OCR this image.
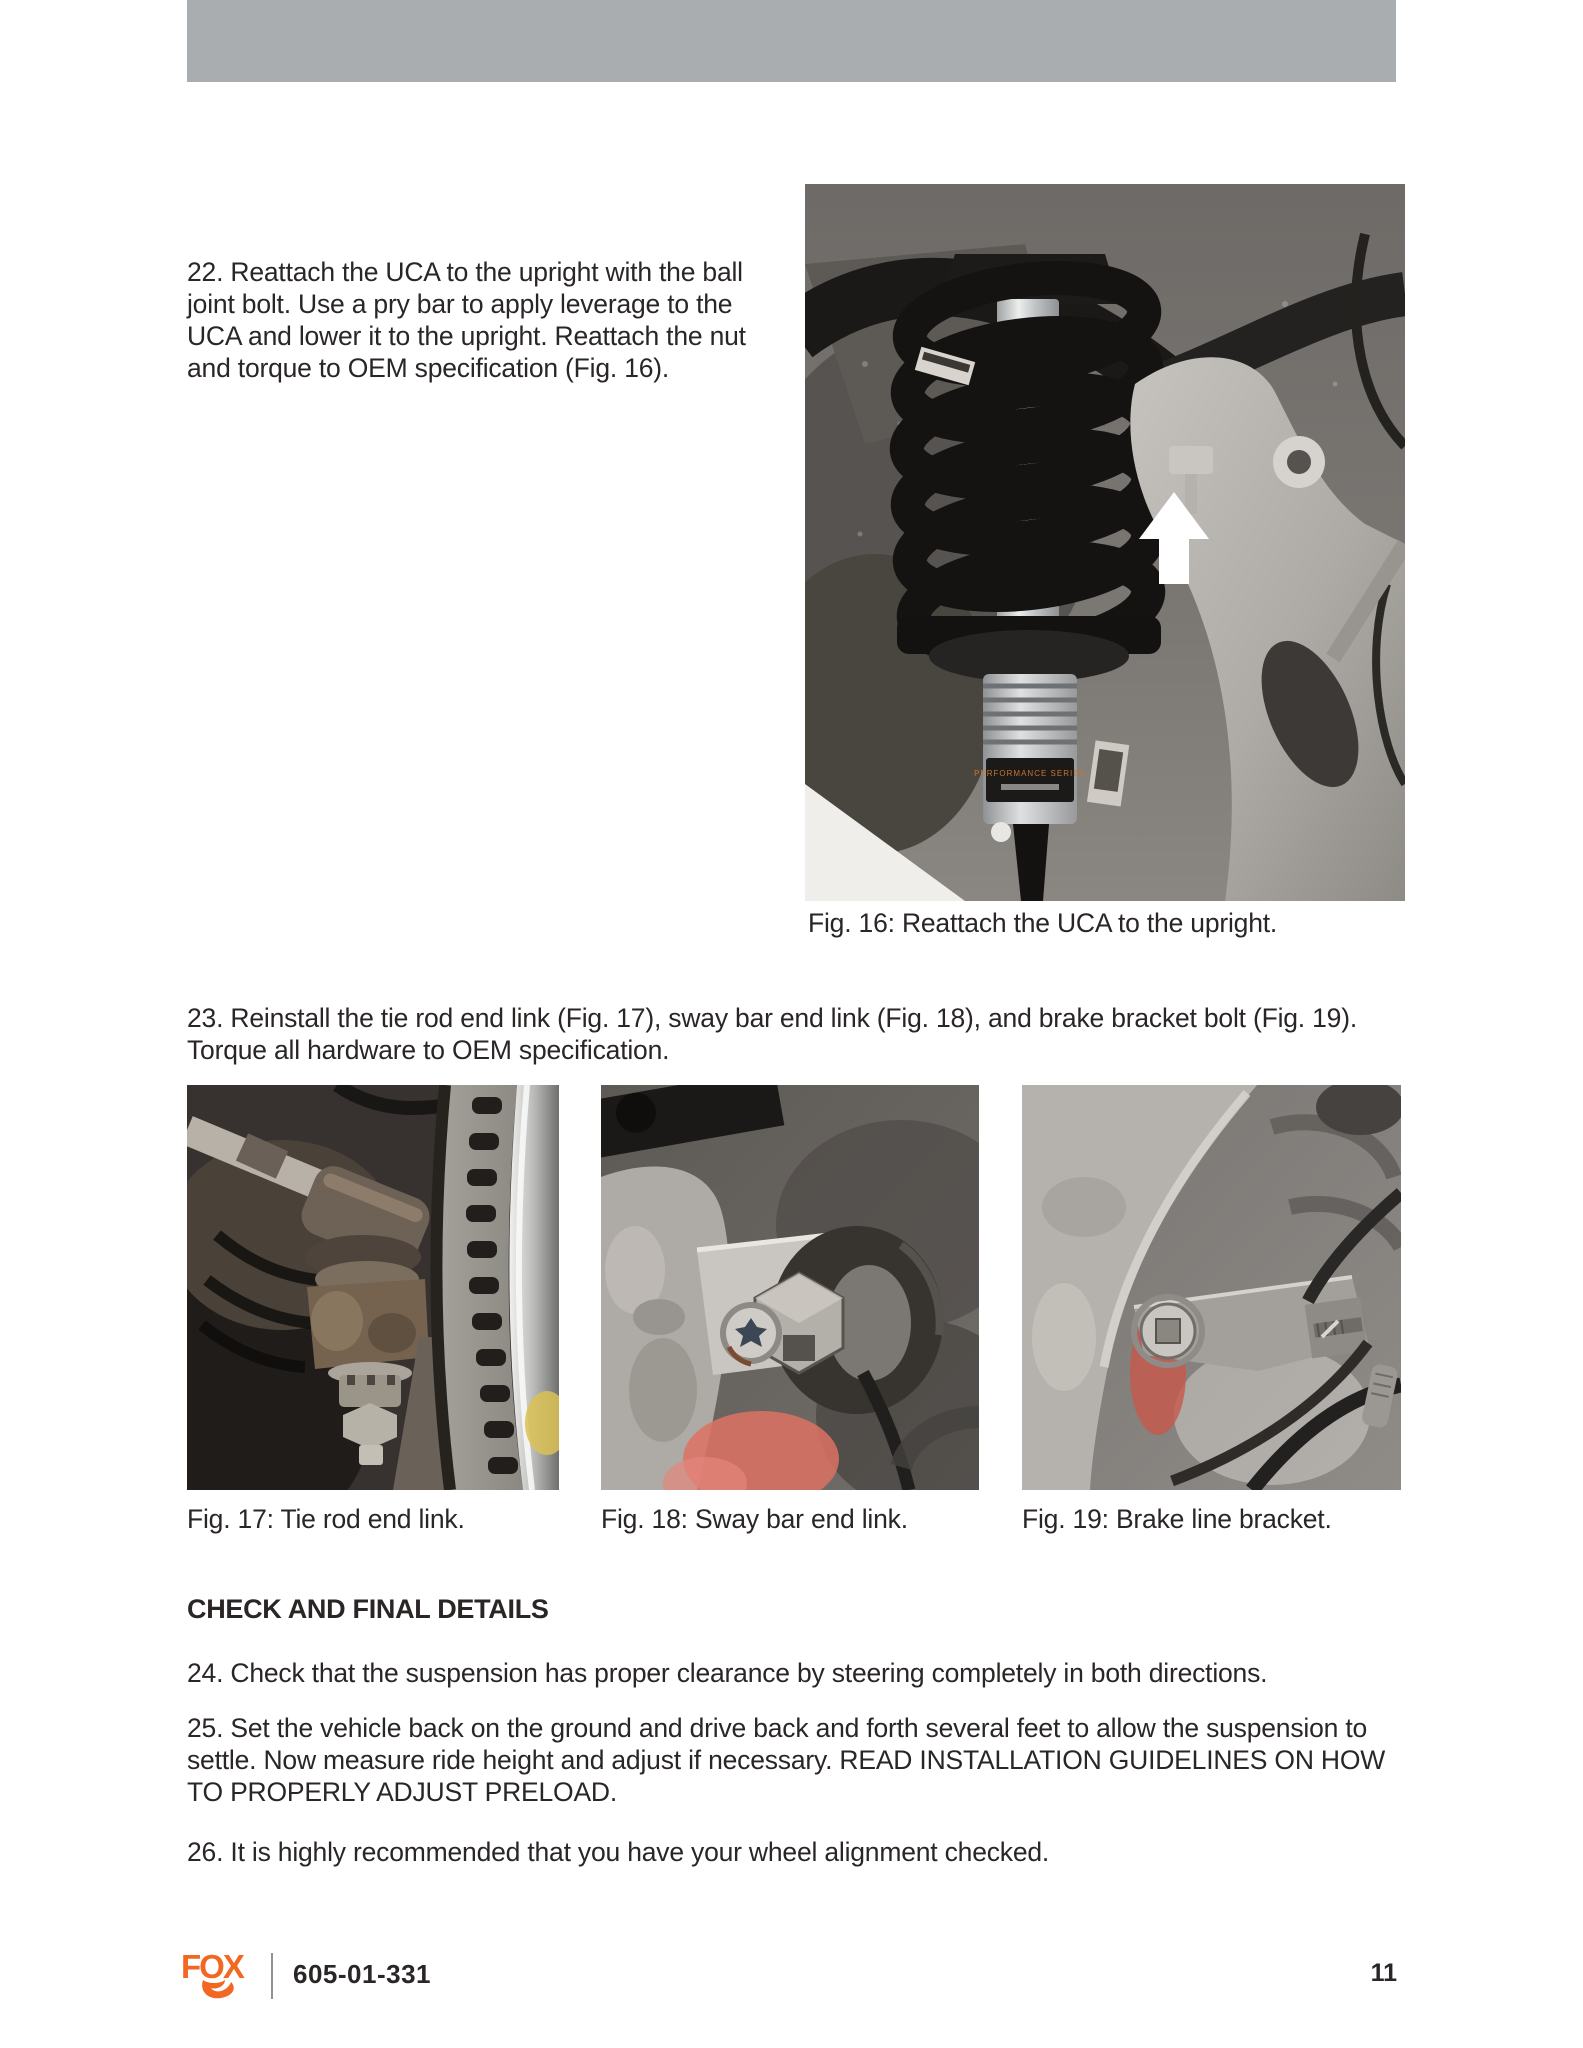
22. Reattach the UCA to the upright with the ball joint bolt. Use a pry bar to apply leverage to the UCA and lower it to the upright. Reattach the nut and torque to OEM specification (Fig. 16).

PERFORMANCE SERIES

Fig. 16: Reattach the UCA to the upright.

23. Reinstall the tie rod end link (Fig. 17), sway bar end link (Fig. 18), and brake bracket bolt (Fig. 19). Torque all hardware to OEM specification.

Fig. 17: Tie rod end link.	Fig. 18: Sway bar end link.	Fig. 19: Brake line bracket.

CHECK AND FINAL DETAILS

24. Check that the suspension has proper clearance by steering completely in both directions.

25. Set the vehicle back on the ground and drive back and forth several feet to allow the suspension to settle. Now measure ride height and adjust if necessary. READ INSTALLATION GUIDELINES ON HOW TO PROPERLY ADJUST PRELOAD.

26. It is highly recommended that you have your wheel alignment checked.

FOX 605-01-331	11
